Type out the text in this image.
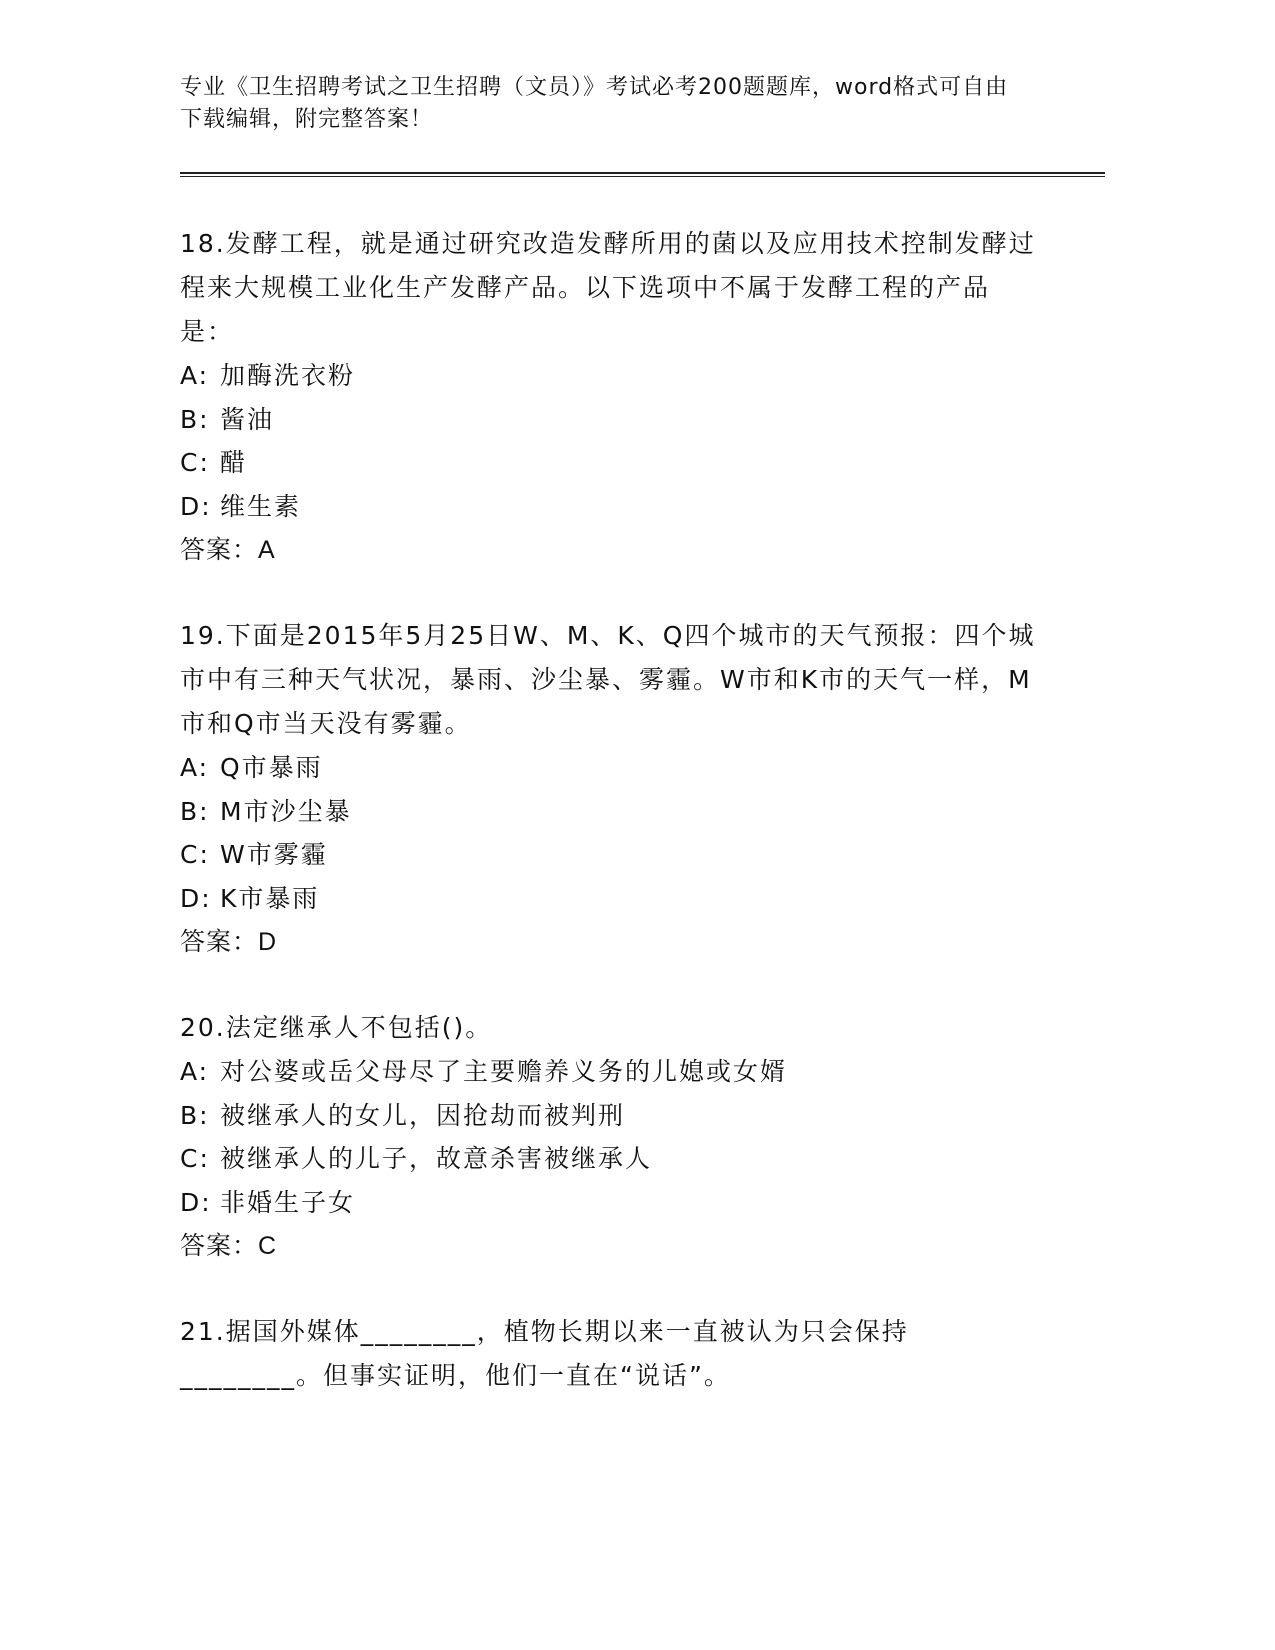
专业《卫生招聘考试之卫生招聘（文员）》考试必考200题题库，word格式可自由下载编辑，附完整答案！

18.发酵工程，就是通过研究改造发酵所用的菌以及应用技术控制发酵过程来大规模工业化生产发酵产品。以下选项中不属于发酵工程的产品是：

A: 加酶洗衣粉
B: 酱油
C: 醋
D: 维生素

答案：A

19.下面是2015年5月25日W、M、K、Q四个城市的天气预报：四个城市中有三种天气状况，暴雨、沙尘暴、雾霾。W市和K市的天气一样，M市和Q市当天没有雾霾。

A: Q市暴雨
B: M市沙尘暴
C: W市雾霾
D: K市暴雨

答案：D

20.法定继承人不包括()。

A: 对公婆或岳父母尽了主要赡养义务的儿媳或女婿
B: 被继承人的女儿，因抢劫而被判刑
C: 被继承人的儿子，故意杀害被继承人
D: 非婚生子女

答案：C

21.据国外媒体________，植物长期以来一直被认为只会保持________。但事实证明，他们一直在“说话”。
